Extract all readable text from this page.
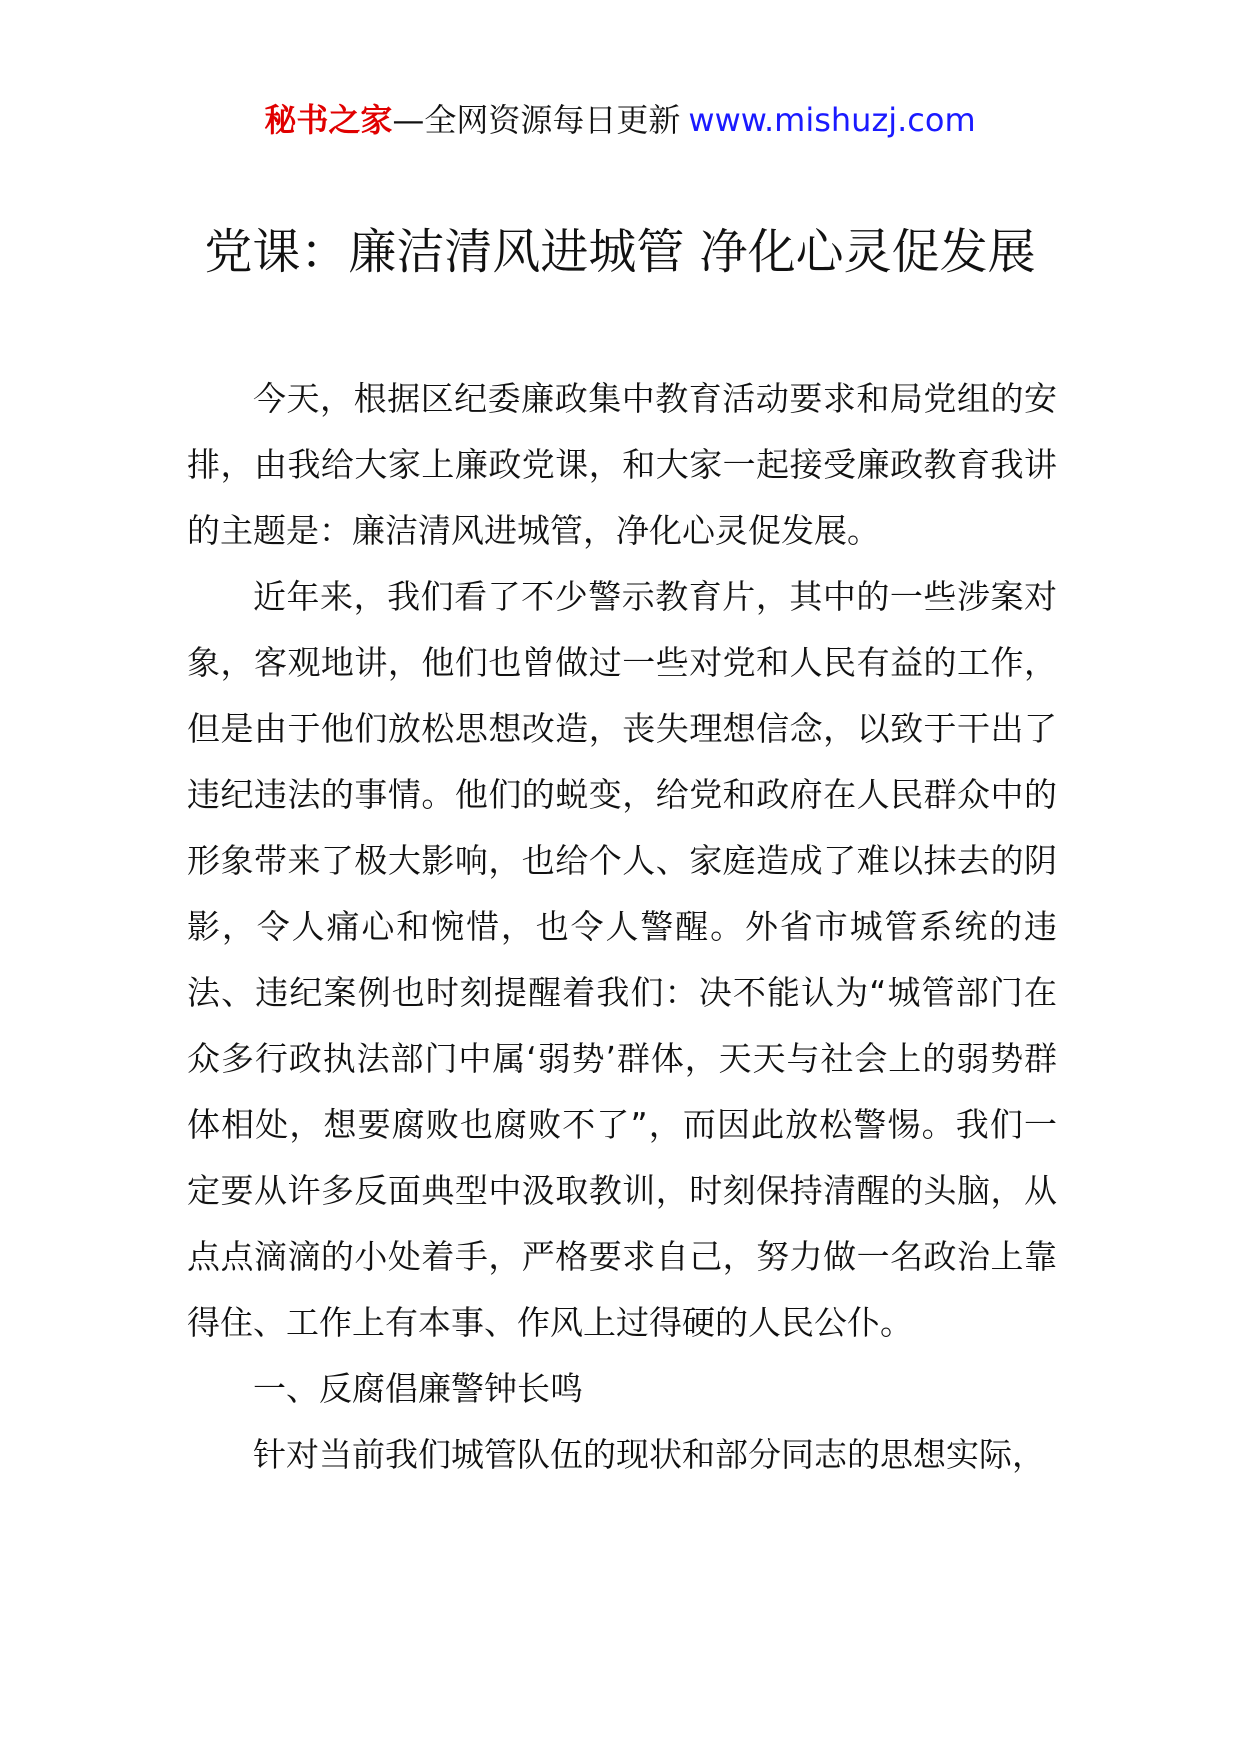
秘书之家—全网资源每日更新 www.mishuzj.com
党课：廉洁清风进城管 净化心灵促发展

今天，根据区纪委廉政集中教育活动要求和局党组的安排，由我给大家上廉政党课，和大家一起接受廉政教育我讲的主题是：廉洁清风进城管，净化心灵促发展。

近年来，我们看了不少警示教育片，其中的一些涉案对象，客观地讲，他们也曾做过一些对党和人民有益的工作，但是由于他们放松思想改造，丧失理想信念，以致于干出了违纪违法的事情。他们的蜕变，给党和政府在人民群众中的形象带来了极大影响，也给个人、家庭造成了难以抹去的阴影，令人痛心和惋惜，也令人警醒。外省市城管系统的违法、违纪案例也时刻提醒着我们：决不能认为“城管部门在众多行政执法部门中属‘弱势’群体，天天与社会上的弱势群体相处，想要腐败也腐败不了”，而因此放松警惕。我们一定要从许多反面典型中汲取教训，时刻保持清醒的头脑，从点点滴滴的小处着手，严格要求自己，努力做一名政治上靠得住、工作上有本事、作风上过得硬的人民公仆。

一、反腐倡廉警钟长鸣

针对当前我们城管队伍的现状和部分同志的思想实际，
